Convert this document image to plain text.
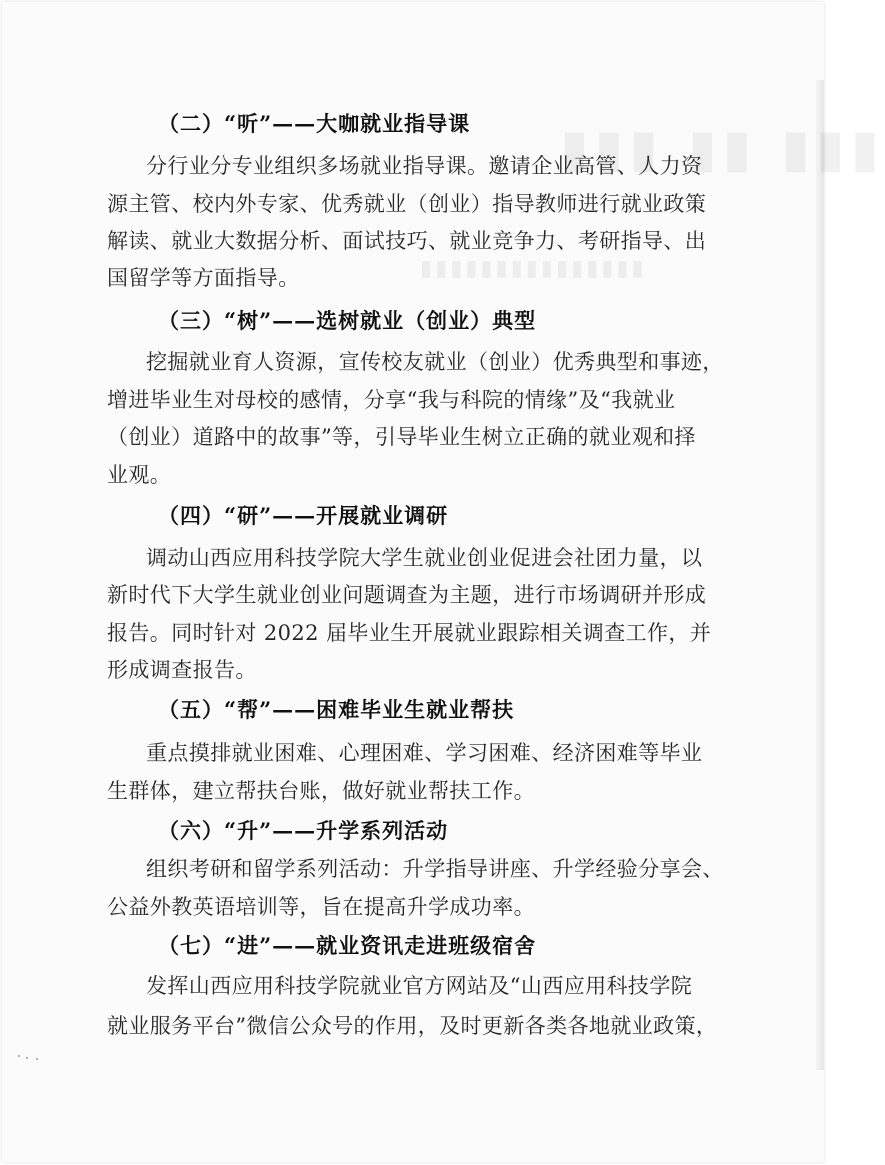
▮▮▮
（二）“听”——大咖就业指导课
分行业分专业组织多场就业指导课。邀请企业高管、人力资
源主管、校内外专家、优秀就业（创业）指导教师进行就业政策
解读、就业大数据分析、面试技巧、就业竞争力、考研指导、出
国留学等方面指导。
（三）“树”——选树就业（创业）典型
挖掘就业育人资源，宣传校友就业（创业）优秀典型和事迹，
增进毕业生对母校的感情，分享“我与科院的情缘”及“我就业
（创业）道路中的故事”等，引导毕业生树立正确的就业观和择
业观。
（四）“研”——开展就业调研
调动山西应用科技学院大学生就业创业促进会社团力量，以
新时代下大学生就业创业问题调查为主题，进行市场调研并形成
报告。同时针对 2022 届毕业生开展就业跟踪相关调查工作，并
形成调查报告。
（五）“帮”——困难毕业生就业帮扶
重点摸排就业困难、心理困难、学习困难、经济困难等毕业
生群体，建立帮扶台账，做好就业帮扶工作。
（六）“升”——升学系列活动
组织考研和留学系列活动：升学指导讲座、升学经验分享会、
公益外教英语培训等，旨在提高升学成功率。
（七）“进”——就业资讯走进班级宿舍
发挥山西应用科技学院就业官方网站及“山西应用科技学院
就业服务平台”微信公众号的作用，及时更新各类各地就业政策，
